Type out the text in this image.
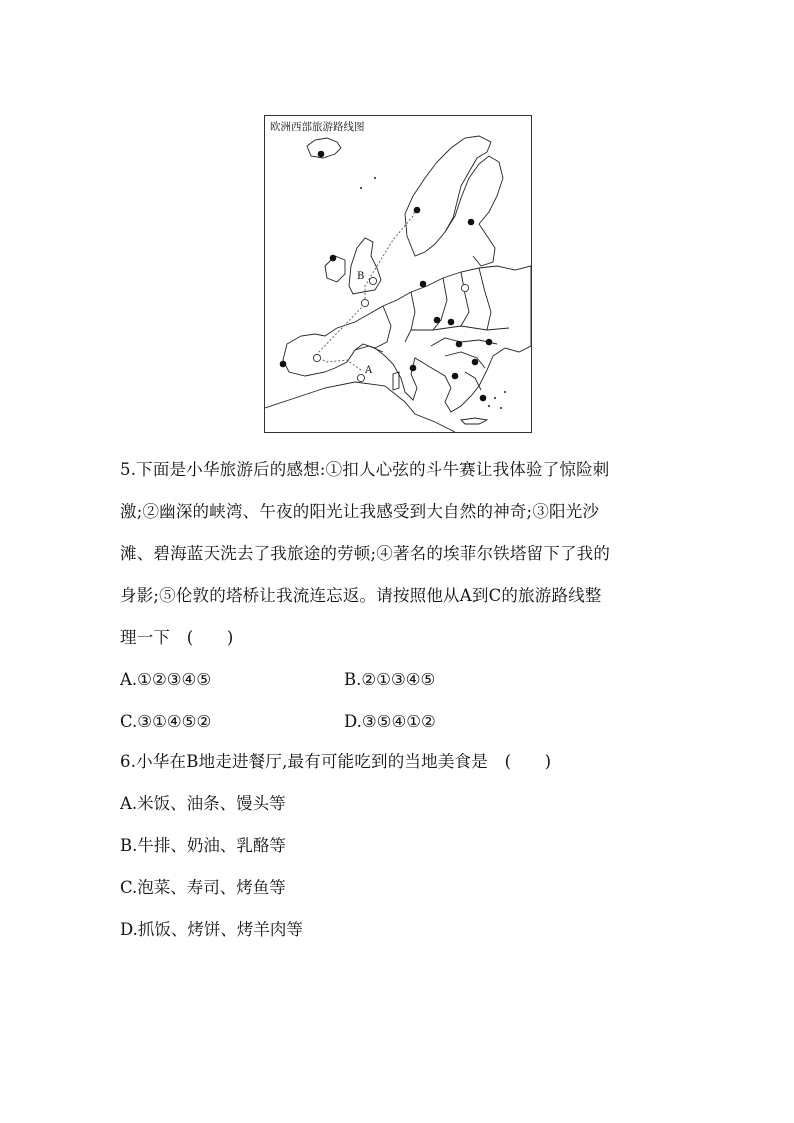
B
A
欧洲西部旅游路线图
5.下面是小华旅游后的感想:①扣人心弦的斗牛赛让我体验了惊险刺
激;②幽深的峡湾、午夜的阳光让我感受到大自然的神奇;③阳光沙
滩、碧海蓝天洗去了我旅途的劳顿;④著名的埃菲尔铁塔留下了我的
身影;⑤伦敦的塔桥让我流连忘返。请按照他从A到C的旅游路线整
理一下　(　　)
A.①②③④⑤	B.②①③④⑤
C.③①④⑤②	D.③⑤④①②
6.小华在B地走进餐厅,最有可能吃到的当地美食是　(　　)
A.米饭、油条、馒头等
B.牛排、奶油、乳酪等
C.泡菜、寿司、烤鱼等
D.抓饭、烤饼、烤羊肉等
